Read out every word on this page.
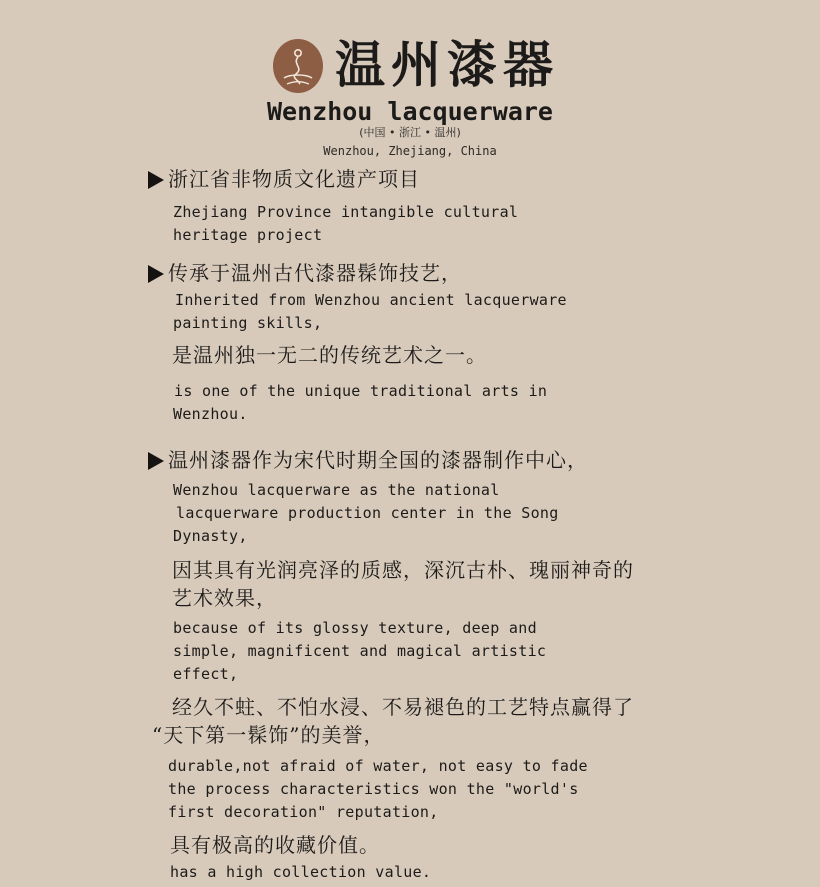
温州漆器
Wenzhou lacquerware
(中国 • 浙江 • 温州)
Wenzhou, Zhejiang, China
浙江省非物质文化遗产项目
Zhejiang Province intangible cultural
heritage project
传承于温州古代漆器髹饰技艺，
Inherited from Wenzhou ancient lacquerware
painting skills,
是温州独一无二的传统艺术之一。
is one of the unique traditional arts in
Wenzhou.
温州漆器作为宋代时期全国的漆器制作中心，
Wenzhou lacquerware as the national
lacquerware production center in the Song
Dynasty,
因其具有光润亮泽的质感，深沉古朴、瑰丽神奇的
艺术效果，
because of its glossy texture, deep and
simple, magnificent and magical artistic
effect,
经久不蛀、不怕水浸、不易褪色的工艺特点赢得了
“天下第一髹饰”的美誉，
durable,not afraid of water, not easy to fade
the process characteristics won the "world's
first decoration" reputation,
具有极高的收藏价值。
has a high collection value.
